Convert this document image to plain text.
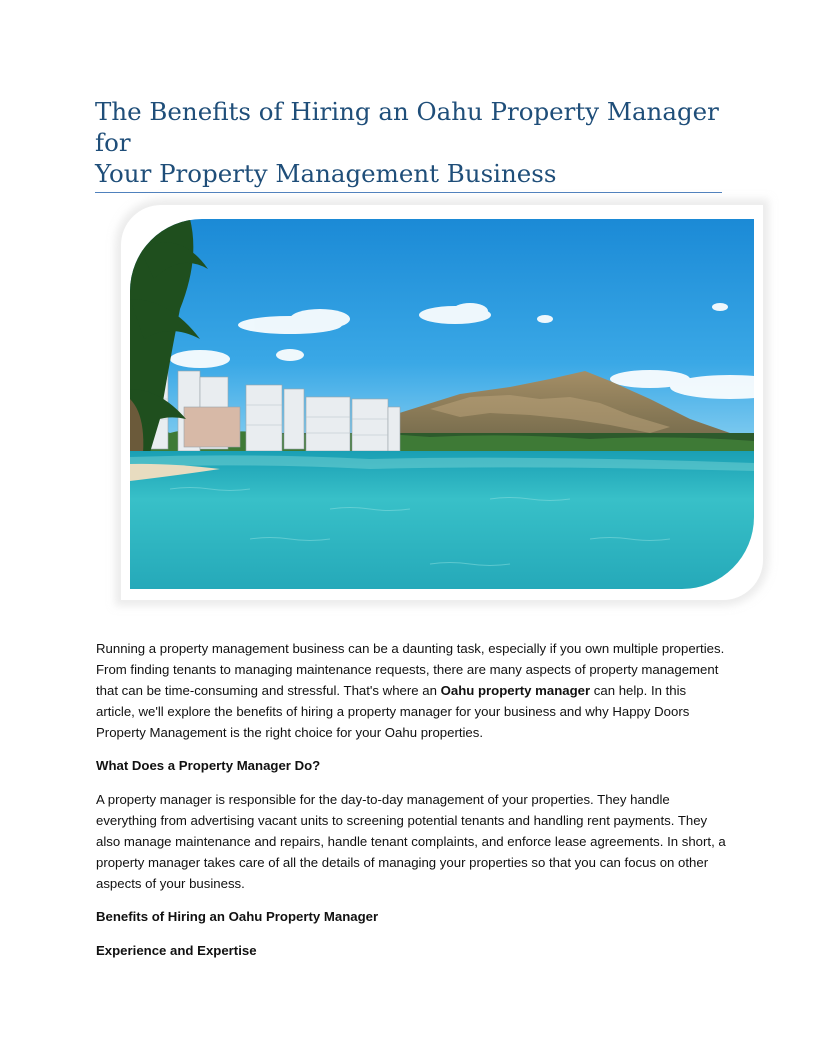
The Benefits of Hiring an Oahu Property Manager for
Your Property Management Business

Running a property management business can be a daunting task, especially if you own multiple properties. From finding tenants to managing maintenance requests, there are many aspects of property management that can be time-consuming and stressful. That's where an Oahu property manager can help. In this article, we'll explore the benefits of hiring a property manager for your business and why Happy Doors Property Management is the right choice for your Oahu properties.

What Does a Property Manager Do?

A property manager is responsible for the day-to-day management of your properties. They handle everything from advertising vacant units to screening potential tenants and handling rent payments. They also manage maintenance and repairs, handle tenant complaints, and enforce lease agreements. In short, a property manager takes care of all the details of managing your properties so that you can focus on other aspects of your business.

Benefits of Hiring an Oahu Property Manager

Experience and Expertise
